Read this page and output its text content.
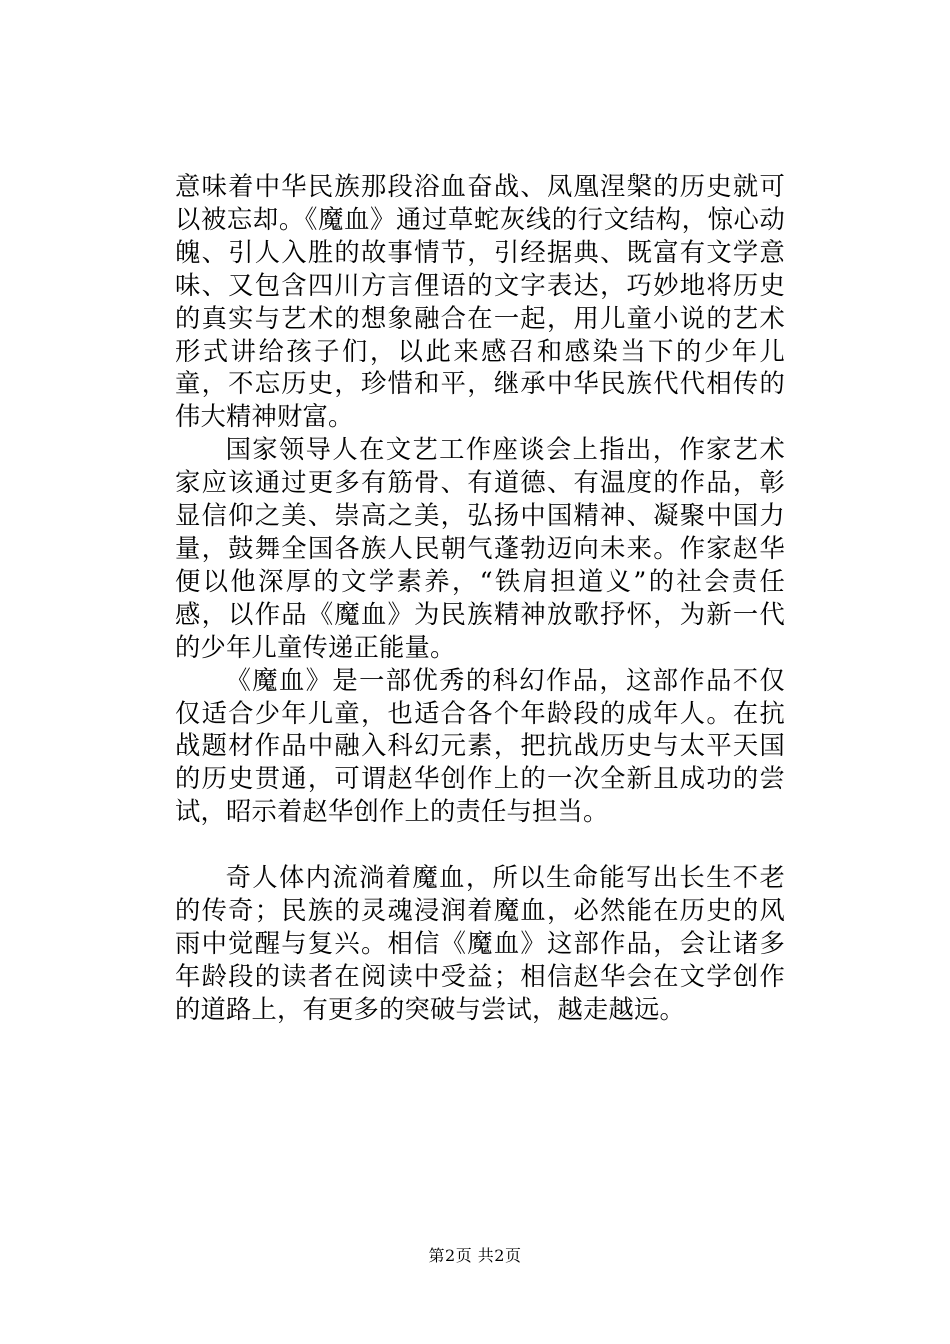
意味着中华民族那段浴血奋战、凤凰涅槃的历史就可以被忘却。《魔血》通过草蛇灰线的行文结构，惊心动魄、引人入胜的故事情节，引经据典、既富有文学意味、又包含四川方言俚语的文字表达，巧妙地将历史的真实与艺术的想象融合在一起，用儿童小说的艺术形式讲给孩子们，以此来感召和感染当下的少年儿童，不忘历史，珍惜和平，继承中华民族代代相传的伟大精神财富。

国家领导人在文艺工作座谈会上指出，作家艺术家应该通过更多有筋骨、有道德、有温度的作品，彰显信仰之美、崇高之美，弘扬中国精神、凝聚中国力量，鼓舞全国各族人民朝气蓬勃迈向未来。作家赵华便以他深厚的文学素养，“铁肩担道义”的社会责任感，以作品《魔血》为民族精神放歌抒怀，为新一代的少年儿童传递正能量。

《魔血》是一部优秀的科幻作品，这部作品不仅仅适合少年儿童，也适合各个年龄段的成年人。在抗战题材作品中融入科幻元素，把抗战历史与太平天国的历史贯通，可谓赵华创作上的一次全新且成功的尝试，昭示着赵华创作上的责任与担当。

奇人体内流淌着魔血，所以生命能写出长生不老的传奇；民族的灵魂浸润着魔血，必然能在历史的风雨中觉醒与复兴。相信《魔血》这部作品，会让诸多年龄段的读者在阅读中受益；相信赵华会在文学创作的道路上，有更多的突破与尝试，越走越远。

第2页 共2页
